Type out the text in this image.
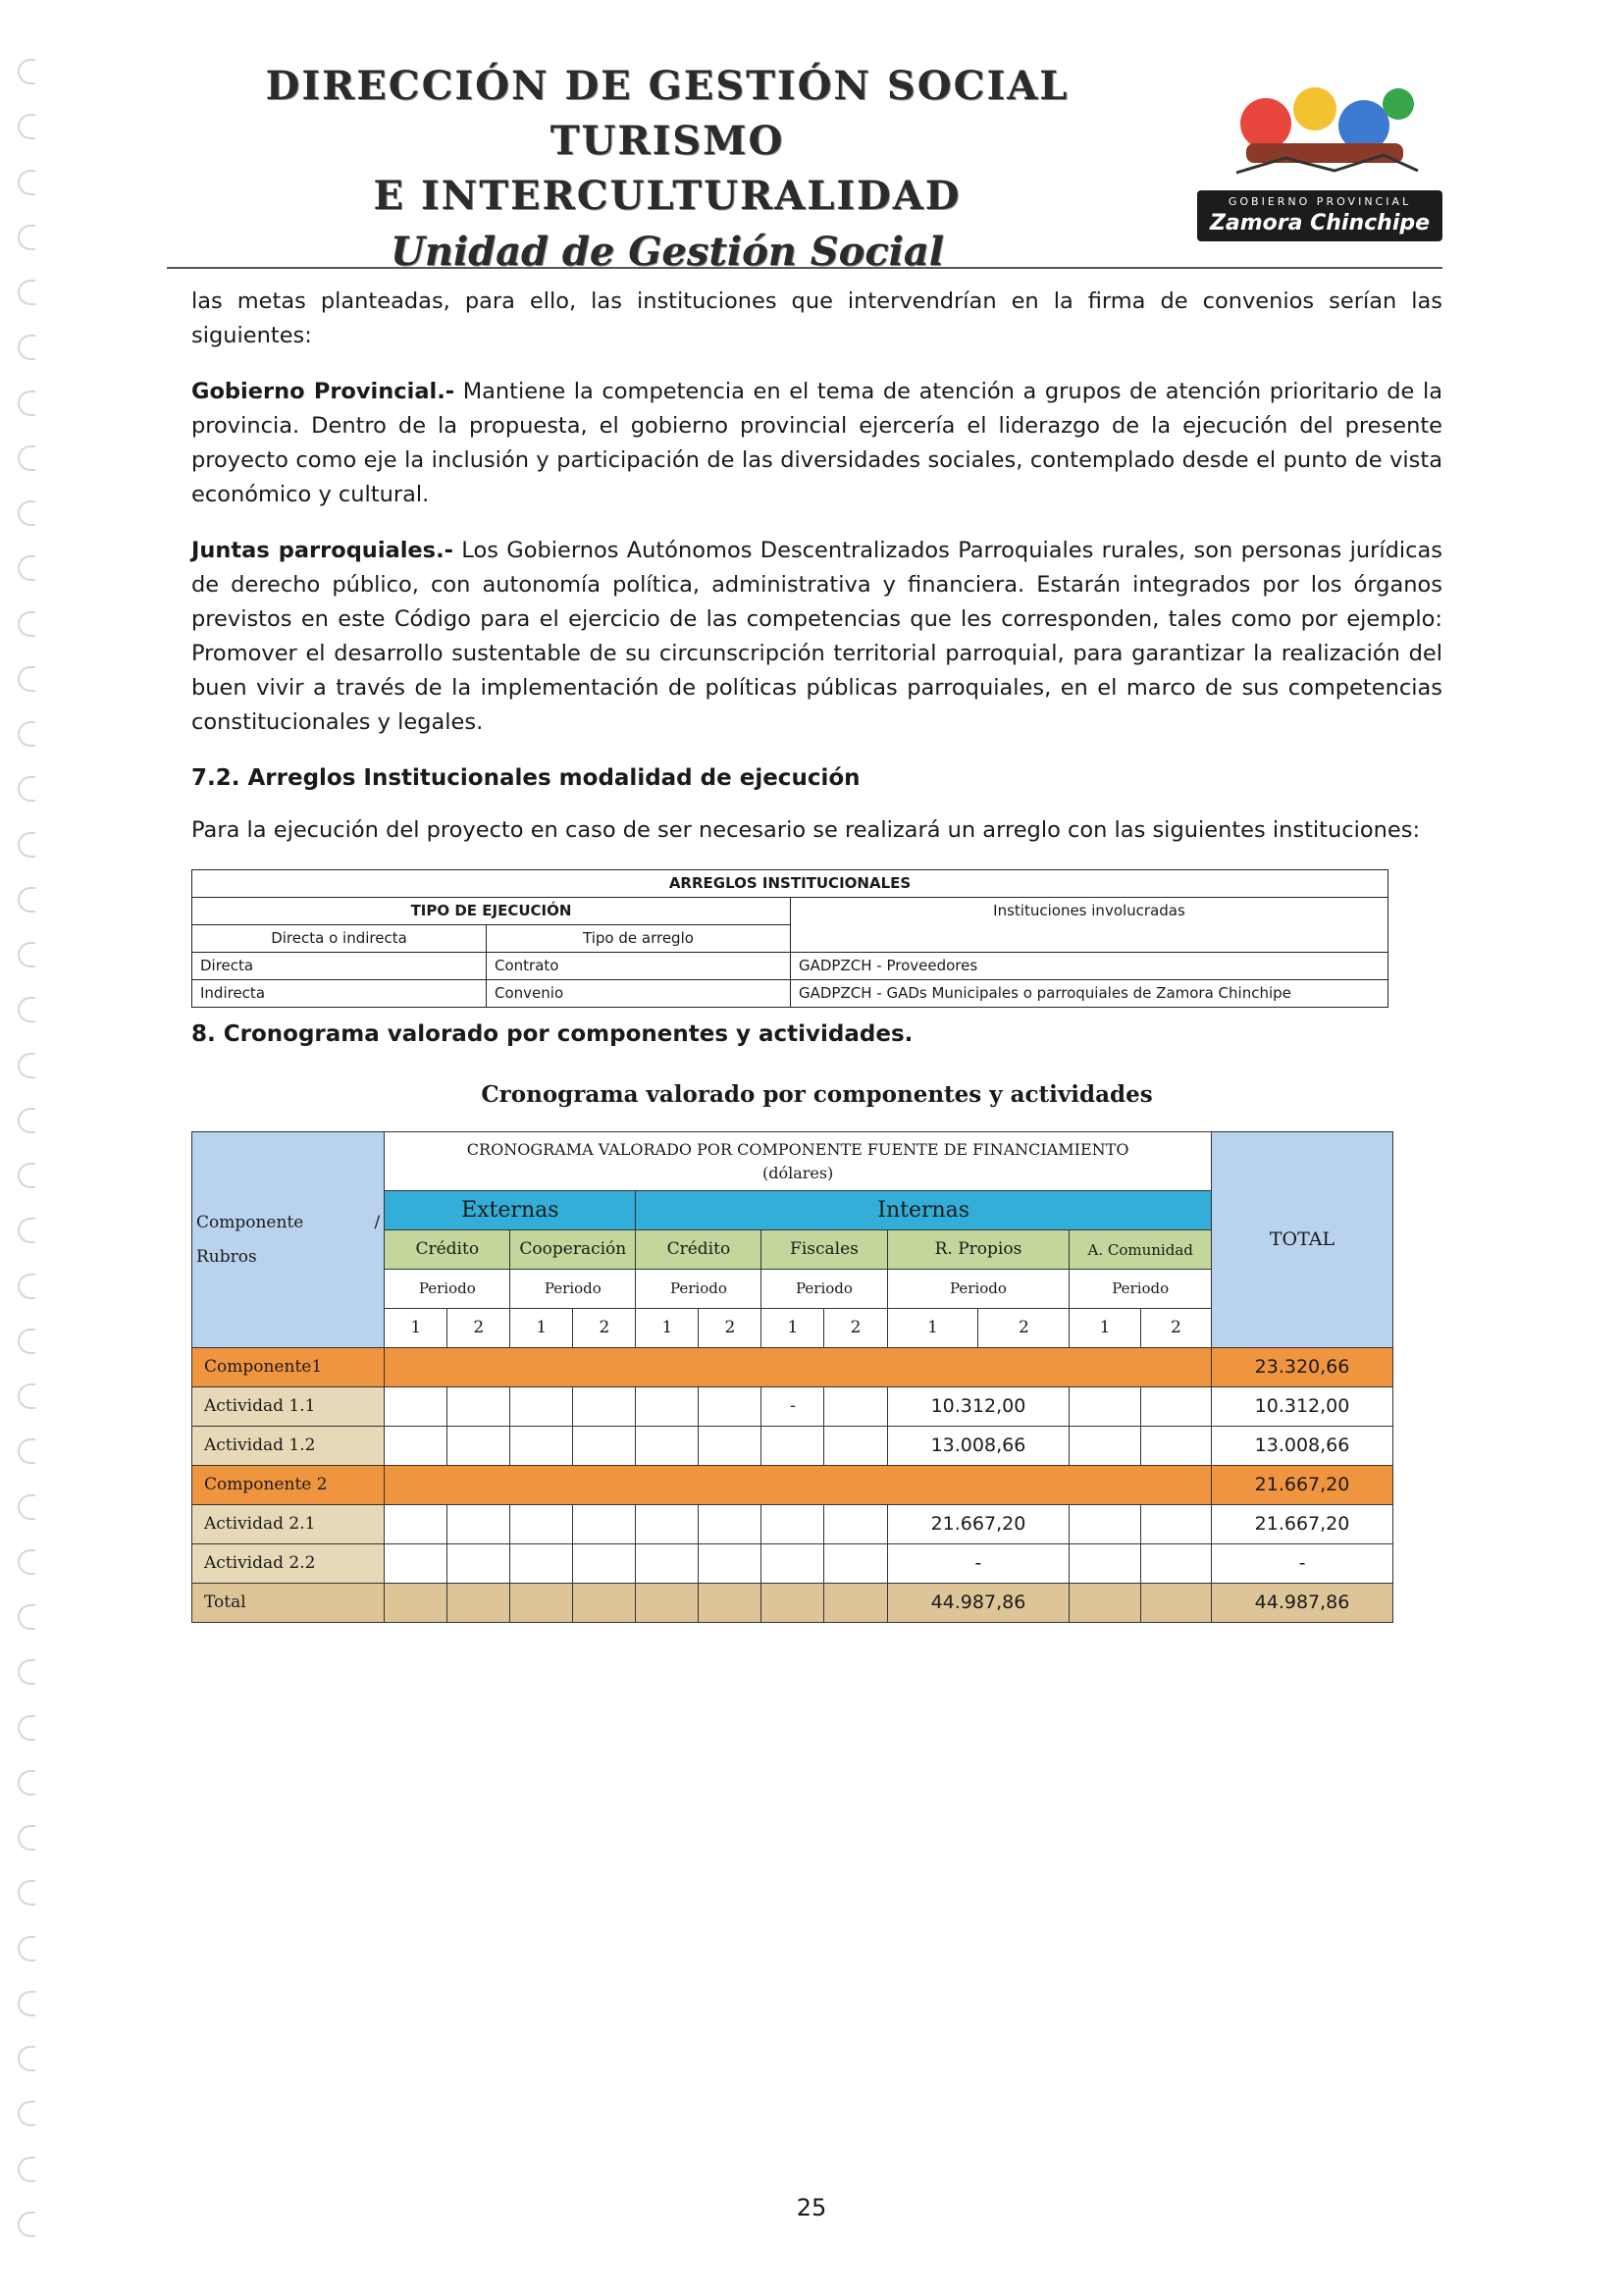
DIRECCIÓN DE GESTIÓN SOCIAL TURISMO
E INTERCULTURALIDAD
Unidad de Gestión Social
GOBIERNO PROVINCIAL
Zamora Chinchipe

las metas planteadas, para ello, las instituciones que intervendrían en la firma de convenios serían las siguientes:

Gobierno Provincial.- Mantiene la competencia en el tema de atención a grupos de atención prioritario de la provincia. Dentro de la propuesta, el gobierno provincial ejercería el liderazgo de la ejecución del presente proyecto como eje la inclusión y participación de las diversidades sociales, contemplado desde el punto de vista económico y cultural.

Juntas parroquiales.- Los Gobiernos Autónomos Descentralizados Parroquiales rurales, son personas jurídicas de derecho público, con autonomía política, administrativa y financiera. Estarán integrados por los órganos previstos en este Código para el ejercicio de las competencias que les corresponden, tales como por ejemplo: Promover el desarrollo sustentable de su circunscripción territorial parroquial, para garantizar la realización del buen vivir a través de la implementación de políticas públicas parroquiales, en el marco de sus competencias constitucionales y legales.

7.2. Arreglos Institucionales modalidad de ejecución

Para la ejecución del proyecto en caso de ser necesario se realizará un arreglo con las siguientes instituciones:

ARREGLOS INSTITUCIONALES		
TIPO DE EJECUCIÓN		Instituciones involucradas
Directa o indirecta	Tipo de arreglo	
Directa	Contrato	GADPZCH - Proveedores
Indirecta	Convenio	GADPZCH - GADs Municipales o parroquiales de Zamora Chinchipe
8. Cronograma valorado por componentes y actividades.
Cronograma valorado por componentes y actividades
Componente / Rubros	CRONOGRAMA VALORADO POR COMPONENTE FUENTE DE FINANCIAMIENTO
(dólares)												TOTAL
	Externas				Internas								
	Crédito		Cooperación		Crédito		Fiscales		R. Propios		A. Comunidad		
	Periodo		Periodo		Periodo		Periodo		Periodo		Periodo		
	1	2	1	2	1	2	1	2	1	2	1	2	
Componente1													23.320,66
Actividad 1.1							-		10.312,00				10.312,00
Actividad 1.2									13.008,66				13.008,66
Componente 2													21.667,20
Actividad 2.1									21.667,20				21.667,20
Actividad 2.2									-				-
Total									44.987,86				44.987,86
25
